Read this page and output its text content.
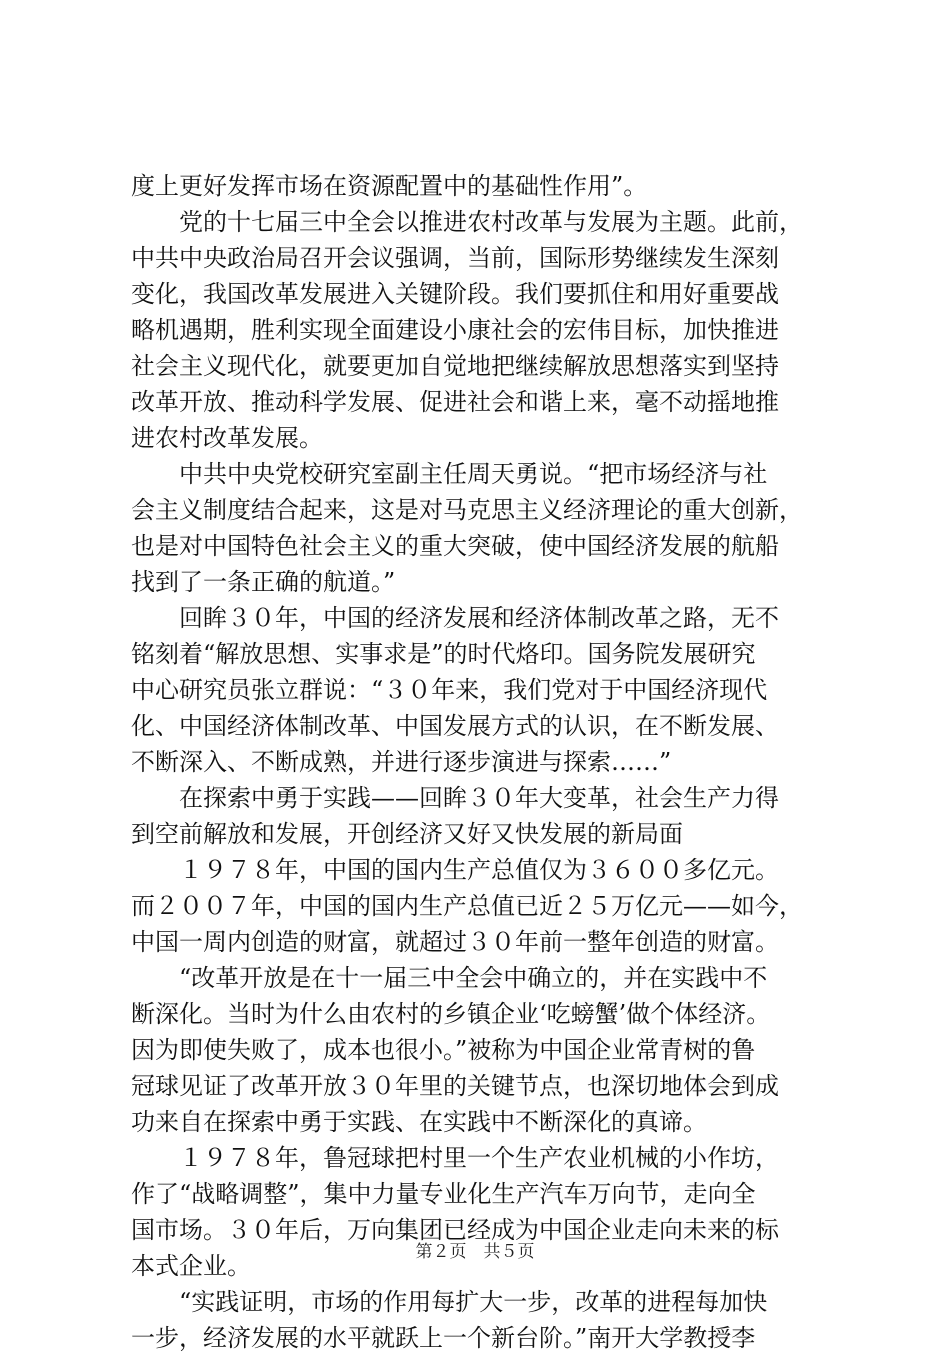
度上更好发挥市场在资源配置中的基础性作用”。
　　党的十七届三中全会以推进农村改革与发展为主题。此前，
中共中央政治局召开会议强调，当前，国际形势继续发生深刻
变化，我国改革发展进入关键阶段。我们要抓住和用好重要战
略机遇期，胜利实现全面建设小康社会的宏伟目标，加快推进
社会主义现代化，就要更加自觉地把继续解放思想落实到坚持
改革开放、推动科学发展、促进社会和谐上来，毫不动摇地推
进农村改革发展。
　　中共中央党校研究室副主任周天勇说。“把市场经济与社
会主义制度结合起来，这是对马克思主义经济理论的重大创新，
也是对中国特色社会主义的重大突破，使中国经济发展的航船
找到了一条正确的航道。”
　　回眸３０年，中国的经济发展和经济体制改革之路，无不
铭刻着“解放思想、实事求是”的时代烙印。国务院发展研究
中心研究员张立群说：“３０年来，我们党对于中国经济现代
化、中国经济体制改革、中国发展方式的认识，在不断发展、
不断深入、不断成熟，并进行逐步演进与探索……”
　　在探索中勇于实践——回眸３０年大变革，社会生产力得
到空前解放和发展，开创经济又好又快发展的新局面
　　１９７８年，中国的国内生产总值仅为３６００多亿元。
而２００７年，中国的国内生产总值已近２５万亿元——如今，
中国一周内创造的财富，就超过３０年前一整年创造的财富。
　　“改革开放是在十一届三中全会中确立的，并在实践中不
断深化。当时为什么由农村的乡镇企业‘吃螃蟹’做个体经济。
因为即使失败了，成本也很小。”被称为中国企业常青树的鲁
冠球见证了改革开放３０年里的关键节点，也深切地体会到成
功来自在探索中勇于实践、在实践中不断深化的真谛。
　　１９７８年，鲁冠球把村里一个生产农业机械的小作坊，
作了“战略调整”，集中力量专业化生产汽车万向节，走向全
国市场。３０年后，万向集团已经成为中国企业走向未来的标
本式企业。
　　“实践证明，市场的作用每扩大一步，改革的进程每加快
一步，经济发展的水平就跃上一个新台阶。”南开大学教授李
第２页　共５页
